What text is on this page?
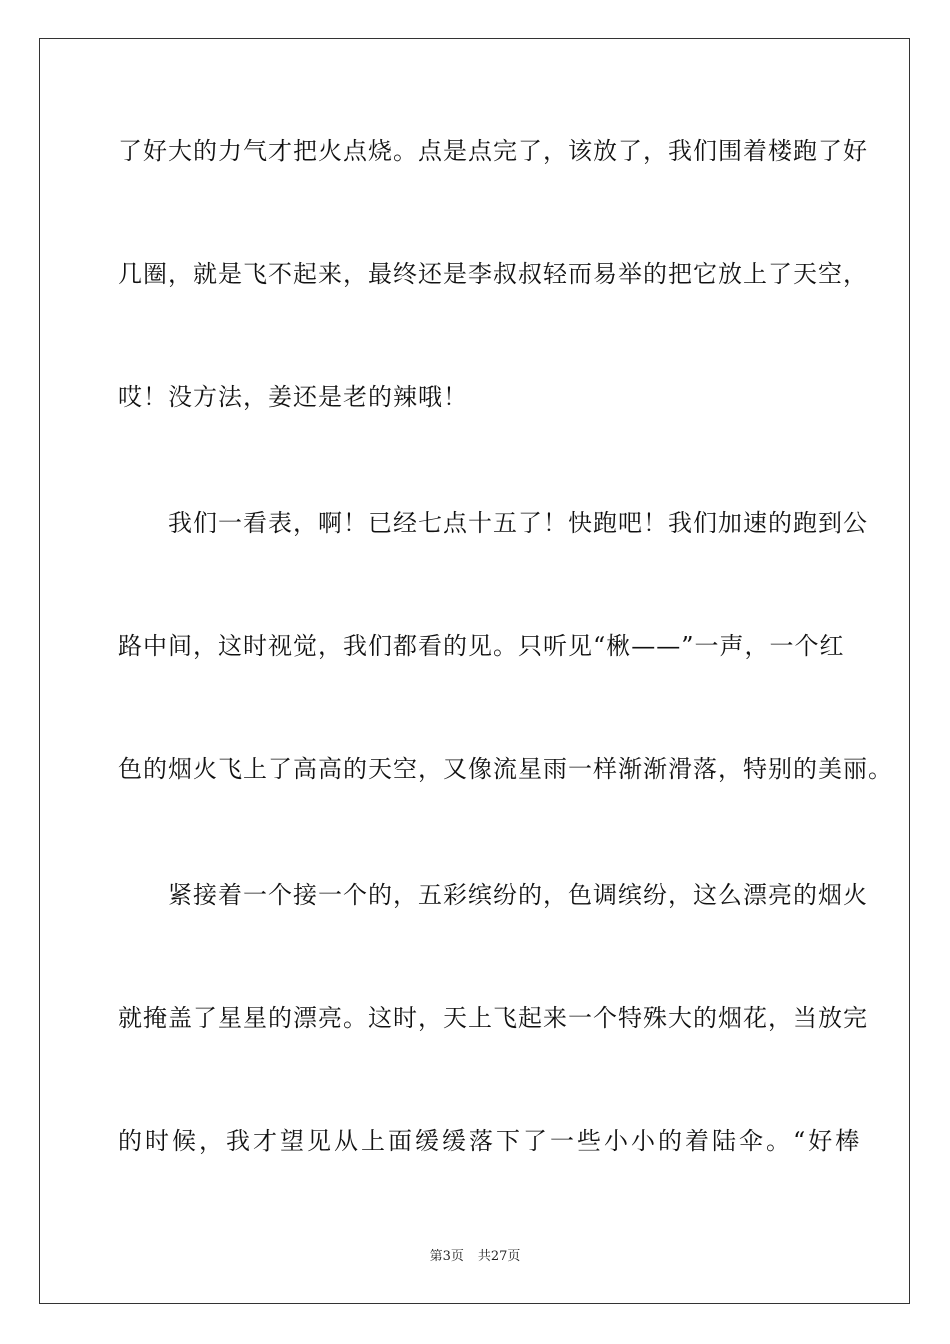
了好大的力气才把火点烧。点是点完了，该放了，我们围着楼跑了好
几圈，就是飞不起来，最终还是李叔叔轻而易举的把它放上了天空，
哎！没方法，姜还是老的辣哦！
　　我们一看表，啊！已经七点十五了！快跑吧！我们加速的跑到公
路中间，这时视觉，我们都看的见。只听见“楸——”一声，一个红
色的烟火飞上了高高的天空，又像流星雨一样渐渐滑落，特别的美丽。
　　紧接着一个接一个的，五彩缤纷的，色调缤纷，这么漂亮的烟火
就掩盖了星星的漂亮。这时，天上飞起来一个特殊大的烟花，当放完
的时候，我才望见从上面缓缓落下了一些小小的着陆伞。“好棒
第3页 共27页
